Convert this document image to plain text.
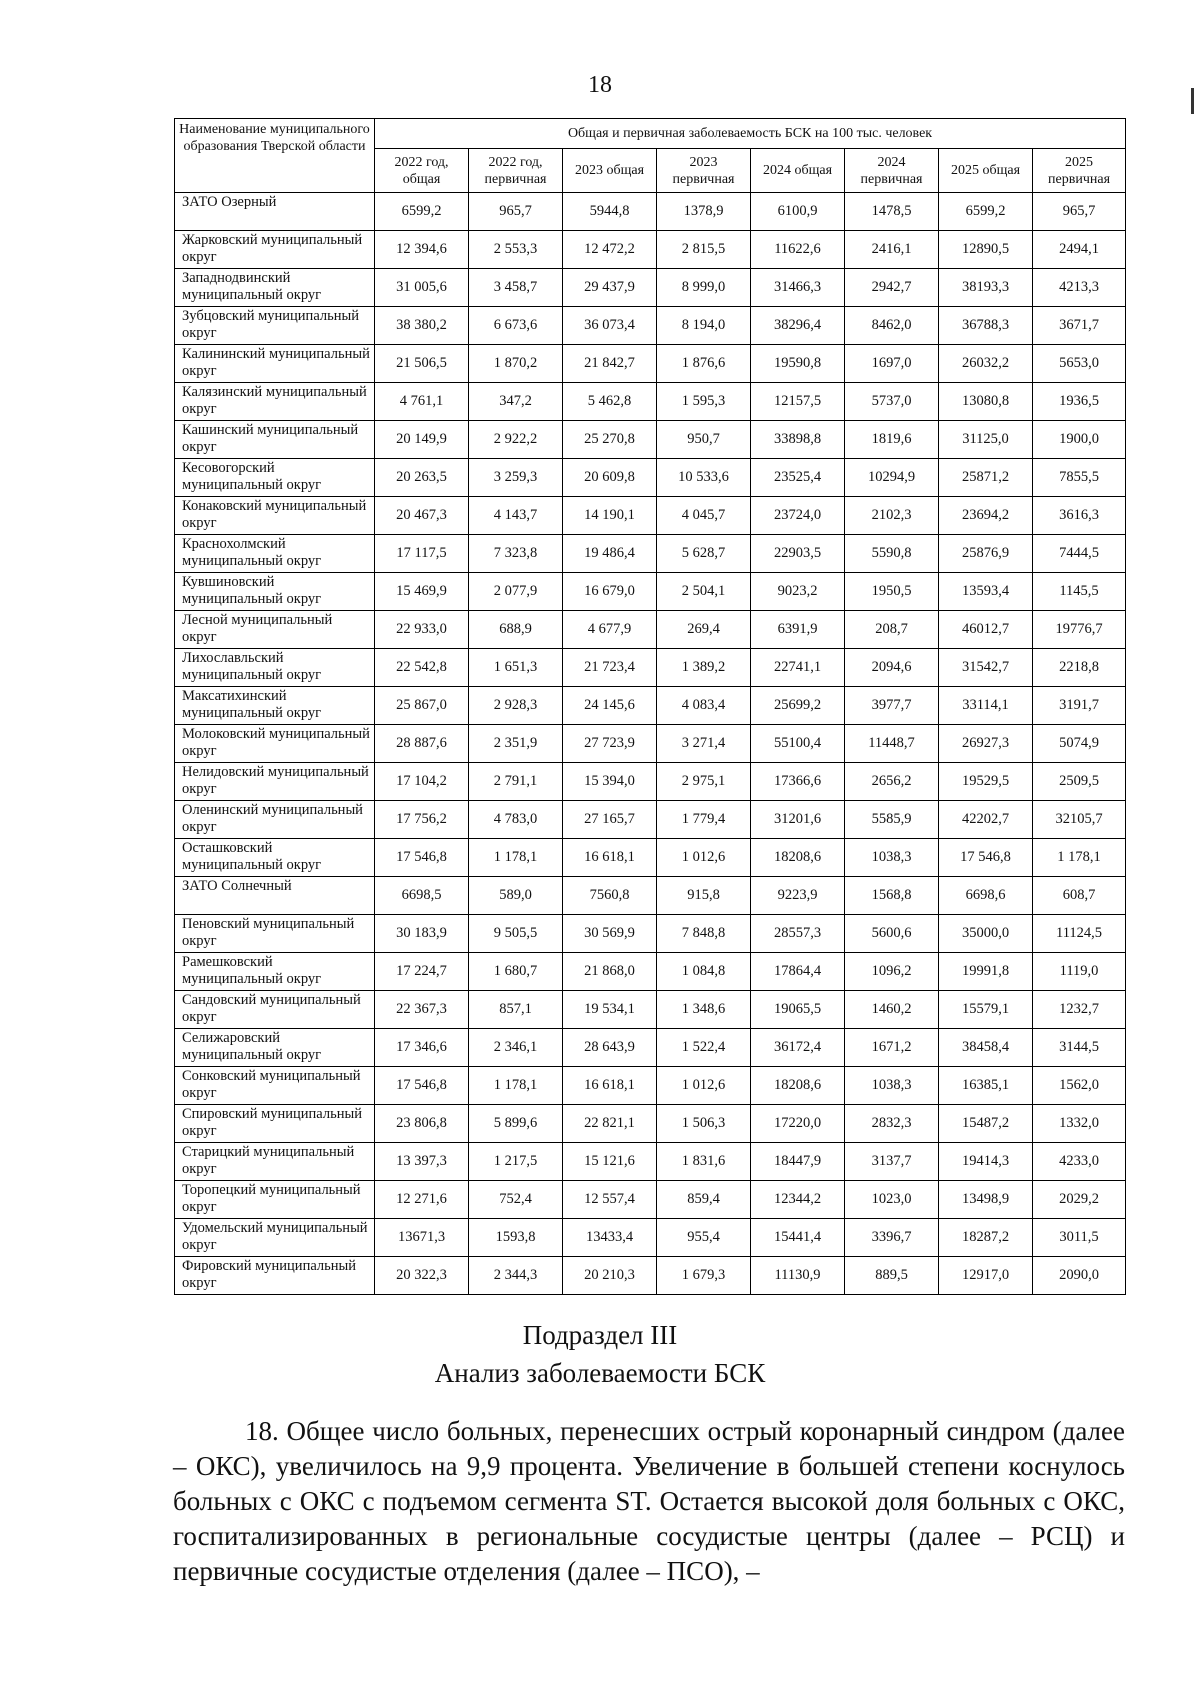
18
Наименование муниципального образования Тверской области	Общая и первичная заболеваемость БСК на 100 тыс. человек							
	2022 год, общая	2022 год, первичная	2023 общая	2023 первичная	2024 общая	2024 первичная	2025 общая	2025 первичная
ЗАТО Озерный	6599,2	965,7	5944,8	1378,9	6100,9	1478,5	6599,2	965,7
Жарковский муниципальный округ	12 394,6	2 553,3	12 472,2	2 815,5	11622,6	2416,1	12890,5	2494,1
Западнодвинский муниципальный округ	31 005,6	3 458,7	29 437,9	8 999,0	31466,3	2942,7	38193,3	4213,3
Зубцовский муниципальный округ	38 380,2	6 673,6	36 073,4	8 194,0	38296,4	8462,0	36788,3	3671,7
Калининский муниципальный округ	21 506,5	1 870,2	21 842,7	1 876,6	19590,8	1697,0	26032,2	5653,0
Калязинский муниципальный округ	4 761,1	347,2	5 462,8	1 595,3	12157,5	5737,0	13080,8	1936,5
Кашинский муниципальный округ	20 149,9	2 922,2	25 270,8	950,7	33898,8	1819,6	31125,0	1900,0
Кесовогорский муниципальный округ	20 263,5	3 259,3	20 609,8	10 533,6	23525,4	10294,9	25871,2	7855,5
Конаковский муниципальный округ	20 467,3	4 143,7	14 190,1	4 045,7	23724,0	2102,3	23694,2	3616,3
Краснохолмский муниципальный округ	17 117,5	7 323,8	19 486,4	5 628,7	22903,5	5590,8	25876,9	7444,5
Кувшиновский муниципальный округ	15 469,9	2 077,9	16 679,0	2 504,1	9023,2	1950,5	13593,4	1145,5
Лесной муниципальный округ	22 933,0	688,9	4 677,9	269,4	6391,9	208,7	46012,7	19776,7
Лихославльский муниципальный округ	22 542,8	1 651,3	21 723,4	1 389,2	22741,1	2094,6	31542,7	2218,8
Максатихинский муниципальный округ	25 867,0	2 928,3	24 145,6	4 083,4	25699,2	3977,7	33114,1	3191,7
Молоковский муниципальный округ	28 887,6	2 351,9	27 723,9	3 271,4	55100,4	11448,7	26927,3	5074,9
Нелидовский муниципальный округ	17 104,2	2 791,1	15 394,0	2 975,1	17366,6	2656,2	19529,5	2509,5
Оленинский муниципальный округ	17 756,2	4 783,0	27 165,7	1 779,4	31201,6	5585,9	42202,7	32105,7
Осташковский муниципальный округ	17 546,8	1 178,1	16 618,1	1 012,6	18208,6	1038,3	17 546,8	1 178,1
ЗАТО Солнечный	6698,5	589,0	7560,8	915,8	9223,9	1568,8	6698,6	608,7
Пеновский муниципальный округ	30 183,9	9 505,5	30 569,9	7 848,8	28557,3	5600,6	35000,0	11124,5
Рамешковский муниципальный округ	17 224,7	1 680,7	21 868,0	1 084,8	17864,4	1096,2	19991,8	1119,0
Сандовский муниципальный округ	22 367,3	857,1	19 534,1	1 348,6	19065,5	1460,2	15579,1	1232,7
Селижаровский муниципальный округ	17 346,6	2 346,1	28 643,9	1 522,4	36172,4	1671,2	38458,4	3144,5
Сонковский муниципальный округ	17 546,8	1 178,1	16 618,1	1 012,6	18208,6	1038,3	16385,1	1562,0
Спировский муниципальный округ	23 806,8	5 899,6	22 821,1	1 506,3	17220,0	2832,3	15487,2	1332,0
Старицкий муниципальный округ	13 397,3	1 217,5	15 121,6	1 831,6	18447,9	3137,7	19414,3	4233,0
Торопецкий муниципальный округ	12 271,6	752,4	12 557,4	859,4	12344,2	1023,0	13498,9	2029,2
Удомельский муниципальный округ	13671,3	1593,8	13433,4	955,4	15441,4	3396,7	18287,2	3011,5
Фировский муниципальный округ	20 322,3	2 344,3	20 210,3	1 679,3	11130,9	889,5	12917,0	2090,0
Подраздел III
Анализ заболеваемости БСК

18. Общее число больных, перенесших острый коронарный синдром (далее – ОКС), увеличилось на 9,9 процента. Увеличение в большей степени коснулось больных с ОКС с подъемом сегмента ST. Остается высокой доля больных с ОКС, госпитализированных в региональные сосудистые центры (далее – РСЦ) и первичные сосудистые отделения (далее – ПСО), –
